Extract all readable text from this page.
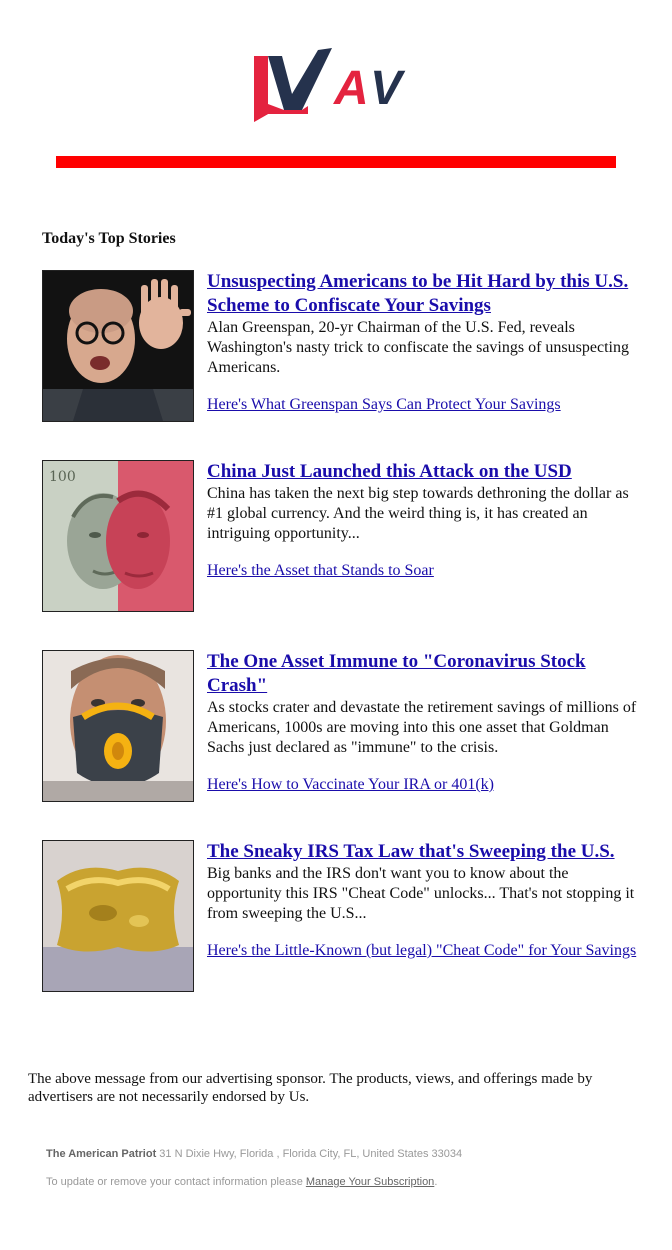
A V
Today's Top Stories
Unsuspecting Americans to be Hit Hard by this U.S. Scheme to Confiscate Your Savings

Alan Greenspan, 20-yr Chairman of the U.S. Fed, reveals Washington's nasty trick to confiscate the savings of unsuspecting Americans.

Here's What Greenspan Says Can Protect Your Savings
100	China Just Launched this Attack on the USD

China has taken the next big step towards dethroning the dollar as #1 global currency. And the weird thing is, it has created an intriguing opportunity...

Here's the Asset that Stands to Soar
The One Asset Immune to "Coronavirus Stock Crash"

As stocks crater and devastate the retirement savings of millions of Americans, 1000s are moving into this one asset that Goldman Sachs just declared as "immune" to the crisis.

Here's How to Vaccinate Your IRA or 401(k)
The Sneaky IRS Tax Law that's Sweeping the U.S.

Big banks and the IRS don't want you to know about the opportunity this IRS "Cheat Code" unlocks... That's not stopping it from sweeping the U.S...

Here's the Little-Known (but legal) "Cheat Code" for Your Savings

The above message from our advertising sponsor. The products, views, and offerings made by advertisers are not necessarily endorsed by Us.

The American Patriot 31 N Dixie Hwy, Florida , Florida City, FL, United States 33034

To update or remove your contact information please Manage Your Subscription.
